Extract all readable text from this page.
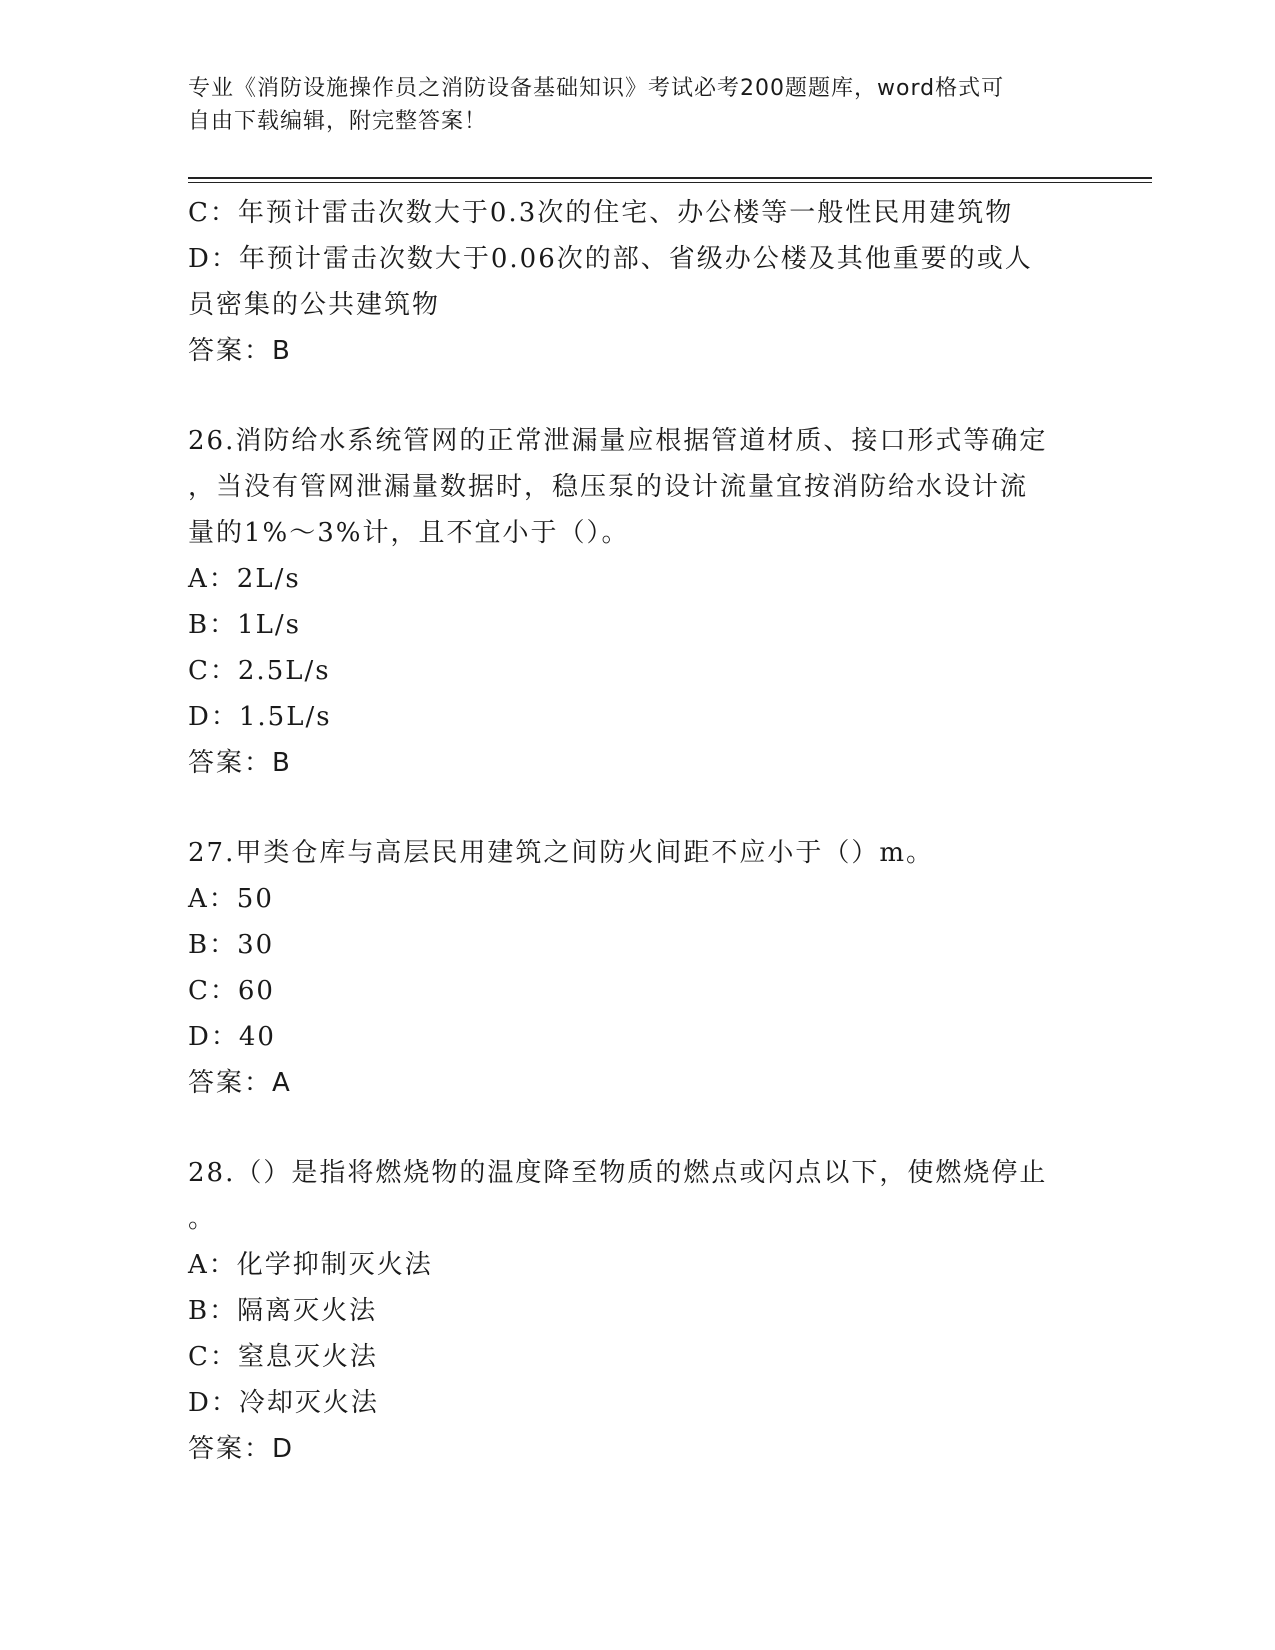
专业《消防设施操作员之消防设备基础知识》考试必考200题题库，word格式可
自由下载编辑，附完整答案！
C：年预计雷击次数大于0.3次的住宅、办公楼等一般性民用建筑物
D：年预计雷击次数大于0.06次的部、省级办公楼及其他重要的或人
员密集的公共建筑物
答案：B
26.消防给水系统管网的正常泄漏量应根据管道材质、接口形式等确定
，当没有管网泄漏量数据时，稳压泵的设计流量宜按消防给水设计流
量的1%～3%计，且不宜小于（）。
A：2L/s
B：1L/s
C：2.5L/s
D：1.5L/s
答案：B
27.甲类仓库与高层民用建筑之间防火间距不应小于（）m。
A：50
B：30
C：60
D：40
答案：A
28.（）是指将燃烧物的温度降至物质的燃点或闪点以下，使燃烧停止
。
A：化学抑制灭火法
B：隔离灭火法
C：窒息灭火法
D：冷却灭火法
答案：D
